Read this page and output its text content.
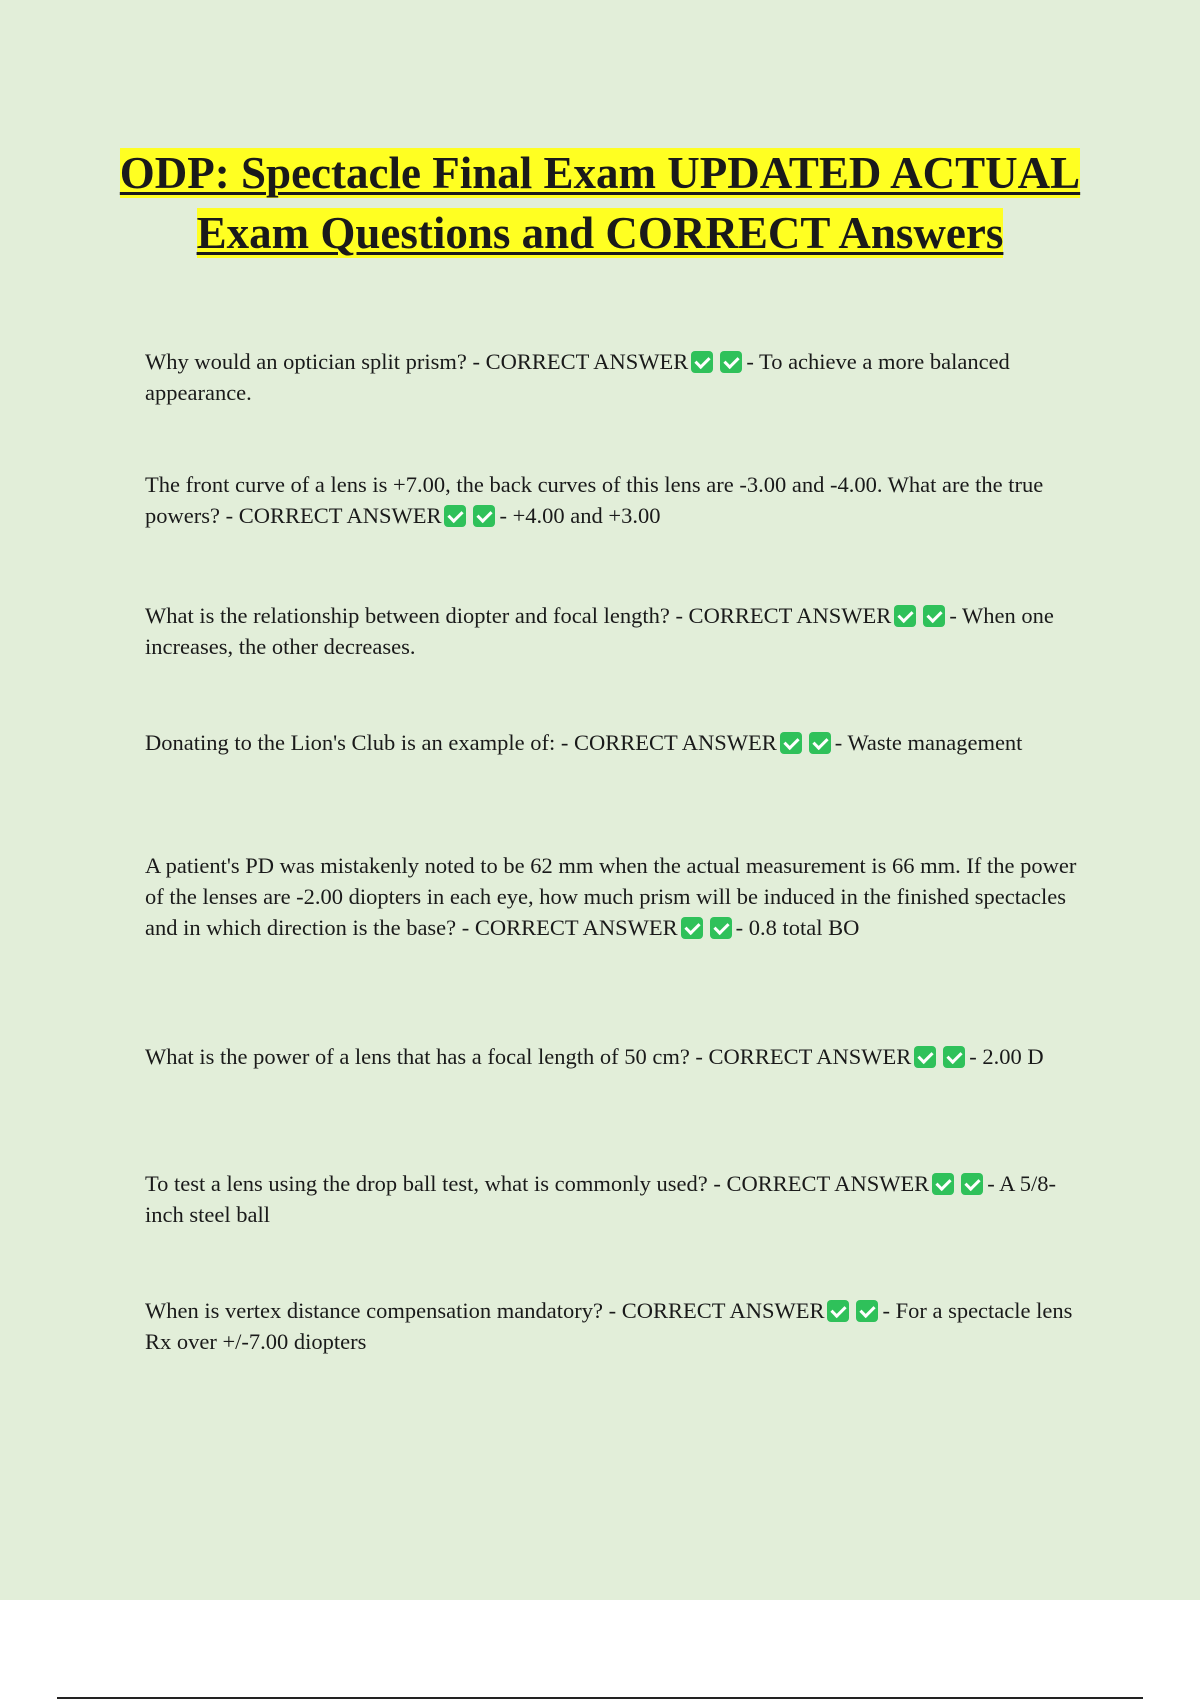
ODP: Spectacle Final Exam UPDATED ACTUAL Exam Questions and CORRECT Answers

Why would an optician split prism? - CORRECT ANSWER	- To achieve a more balanced appearance.

The front curve of a lens is +7.00, the back curves of this lens are -3.00 and -4.00. What are the true powers? - CORRECT ANSWER	- +4.00 and +3.00

What is the relationship between diopter and focal length? - CORRECT ANSWER	- When one increases, the other decreases.

Donating to the Lion's Club is an example of: - CORRECT ANSWER	- Waste management

A patient's PD was mistakenly noted to be 62 mm when the actual measurement is 66 mm. If the power of the lenses are -2.00 diopters in each eye, how much prism will be induced in the finished spectacles and in which direction is the base? - CORRECT ANSWER	- 0.8 total BO

What is the power of a lens that has a focal length of 50 cm? - CORRECT ANSWER	- 2.00 D

To test a lens using the drop ball test, what is commonly used? - CORRECT ANSWER	- A 5/8-inch steel ball

When is vertex distance compensation mandatory? - CORRECT ANSWER	- For a spectacle lens Rx over +/-7.00 diopters
